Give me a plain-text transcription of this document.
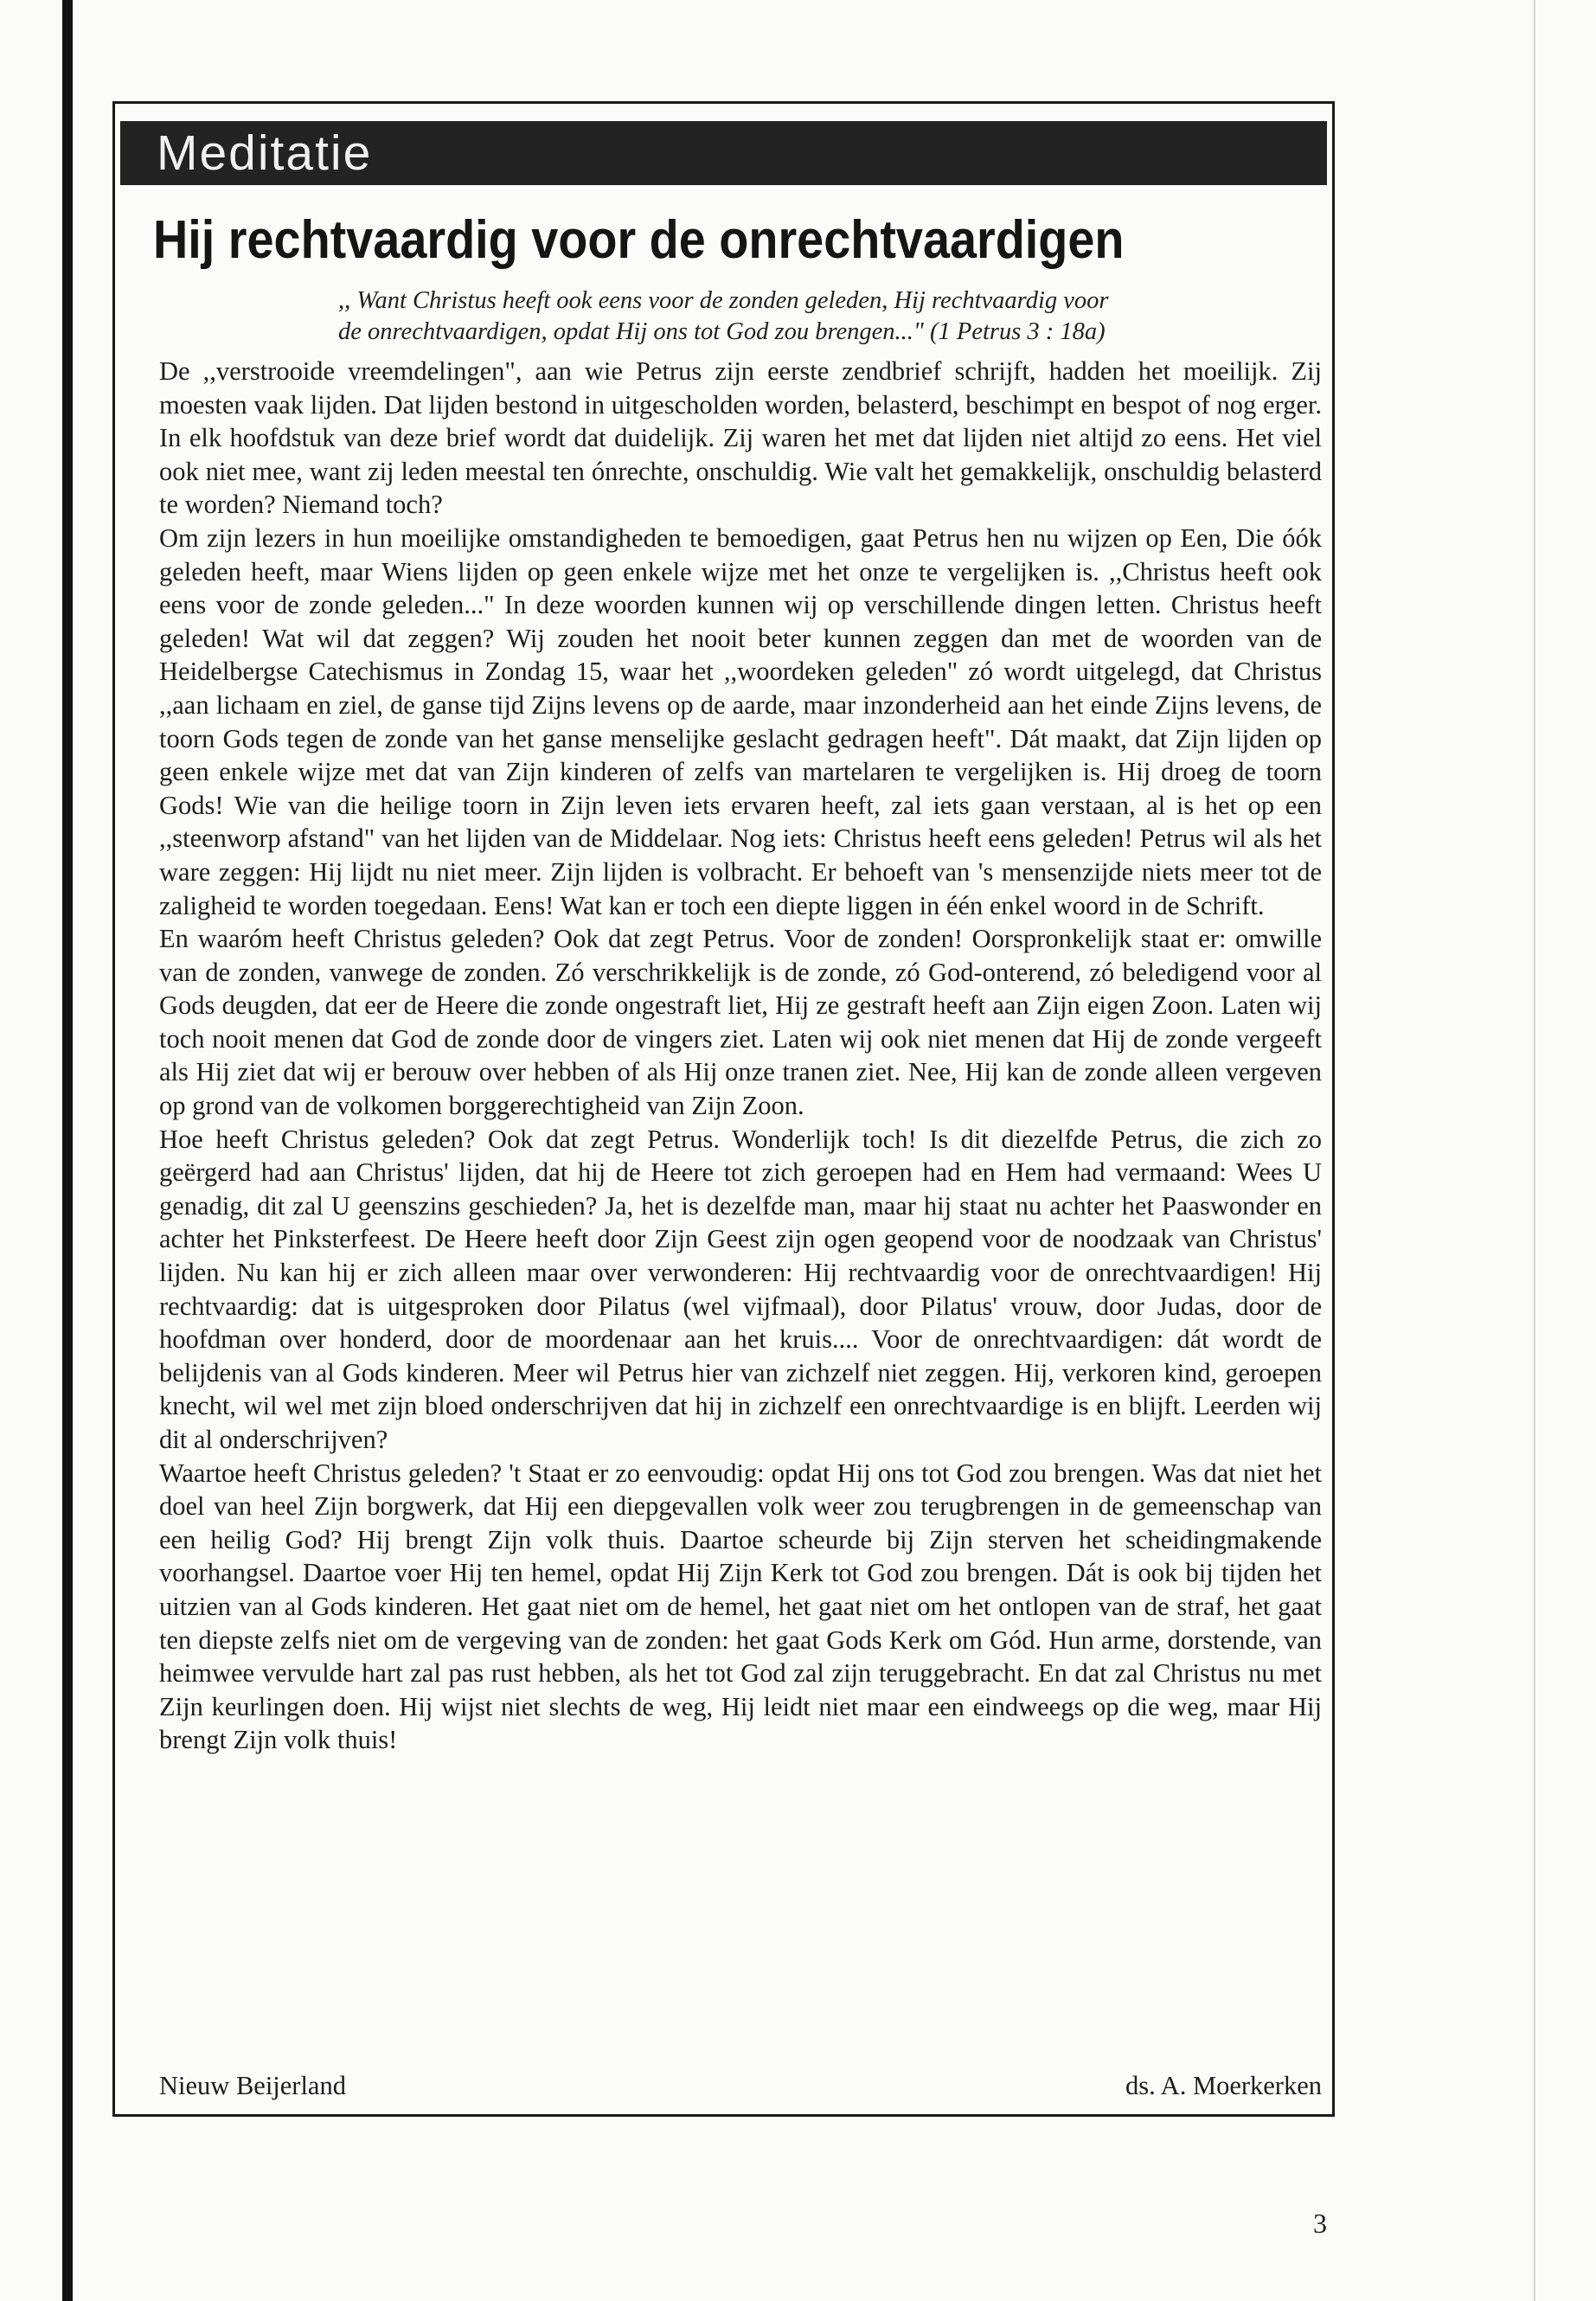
Meditatie
Hij rechtvaardig voor de onrechtvaardigen

,, Want Christus heeft ook eens voor de zonden geleden, Hij rechtvaardig voor

de onrechtvaardigen, opdat Hij ons tot God zou brengen..." (1 Petrus 3 : 18a)

De ,,verstrooide vreemdelingen", aan wie Petrus zijn eerste zendbrief schrijft, hadden het moeilijk. Zij moesten vaak lijden. Dat lijden bestond in uitgescholden worden, belasterd, beschimpt en bespot of nog erger. In elk hoofdstuk van deze brief wordt dat duidelijk. Zij waren het met dat lijden niet altijd zo eens. Het viel ook niet mee, want zij leden meestal ten ónrechte, onschuldig. Wie valt het gemakkelijk, onschuldig belasterd te worden? Niemand toch?

Om zijn lezers in hun moeilijke omstandigheden te bemoedigen, gaat Petrus hen nu wijzen op Een, Die óók geleden heeft, maar Wiens lijden op geen enkele wijze met het onze te vergelijken is. ,,Christus heeft ook eens voor de zonde geleden..." In deze woorden kunnen wij op verschillende dingen letten. Christus heeft geleden! Wat wil dat zeggen? Wij zouden het nooit beter kunnen zeggen dan met de woorden van de Heidelbergse Catechismus in Zondag 15, waar het ,,woordeken geleden" zó wordt uitgelegd, dat Christus ,,aan lichaam en ziel, de ganse tijd Zijns levens op de aarde, maar inzonderheid aan het einde Zijns levens, de toorn Gods tegen de zonde van het ganse menselijke geslacht gedragen heeft". Dát maakt, dat Zijn lijden op geen enkele wijze met dat van Zijn kinderen of zelfs van martelaren te vergelijken is. Hij droeg de toorn Gods! Wie van die heilige toorn in Zijn leven iets ervaren heeft, zal iets gaan verstaan, al is het op een ,,steenworp afstand" van het lijden van de Middelaar. Nog iets: Christus heeft eens geleden! Petrus wil als het ware zeggen: Hij lijdt nu niet meer. Zijn lijden is volbracht. Er behoeft van 's mensenzijde niets meer tot de zaligheid te worden toegedaan. Eens! Wat kan er toch een diepte liggen in één enkel woord in de Schrift.

En waaróm heeft Christus geleden? Ook dat zegt Petrus. Voor de zonden! Oorspronkelijk staat er: omwille van de zonden, vanwege de zonden. Zó verschrikkelijk is de zonde, zó God-onterend, zó beledigend voor al Gods deugden, dat eer de Heere die zonde ongestraft liet, Hij ze gestraft heeft aan Zijn eigen Zoon. Laten wij toch nooit menen dat God de zonde door de vingers ziet. Laten wij ook niet menen dat Hij de zonde vergeeft als Hij ziet dat wij er berouw over hebben of als Hij onze tranen ziet. Nee, Hij kan de zonde alleen vergeven op grond van de volkomen borggerechtigheid van Zijn Zoon.

Hoe heeft Christus geleden? Ook dat zegt Petrus. Wonderlijk toch! Is dit diezelfde Petrus, die zich zo geërgerd had aan Christus' lijden, dat hij de Heere tot zich geroepen had en Hem had vermaand: Wees U genadig, dit zal U geenszins geschieden? Ja, het is dezelfde man, maar hij staat nu achter het Paaswonder en achter het Pinksterfeest. De Heere heeft door Zijn Geest zijn ogen geopend voor de noodzaak van Christus' lijden. Nu kan hij er zich alleen maar over verwonderen: Hij rechtvaardig voor de onrechtvaardigen! Hij rechtvaardig: dat is uitgesproken door Pilatus (wel vijfmaal), door Pilatus' vrouw, door Judas, door de hoofdman over honderd, door de moordenaar aan het kruis.... Voor de onrechtvaardigen: dát wordt de belijdenis van al Gods kinderen. Meer wil Petrus hier van zichzelf niet zeggen. Hij, verkoren kind, geroepen knecht, wil wel met zijn bloed onderschrijven dat hij in zichzelf een onrechtvaardige is en blijft. Leerden wij dit al onderschrijven?

Waartoe heeft Christus geleden? 't Staat er zo eenvoudig: opdat Hij ons tot God zou brengen. Was dat niet het doel van heel Zijn borgwerk, dat Hij een diepgevallen volk weer zou terugbrengen in de gemeenschap van een heilig God? Hij brengt Zijn volk thuis. Daartoe scheurde bij Zijn sterven het scheidingmakende voorhangsel. Daartoe voer Hij ten hemel, opdat Hij Zijn Kerk tot God zou brengen. Dát is ook bij tijden het uitzien van al Gods kinderen. Het gaat niet om de hemel, het gaat niet om het ontlopen van de straf, het gaat ten diepste zelfs niet om de vergeving van de zonden: het gaat Gods Kerk om Gód. Hun arme, dorstende, van heimwee vervulde hart zal pas rust hebben, als het tot God zal zijn teruggebracht. En dat zal Christus nu met Zijn keurlingen doen. Hij wijst niet slechts de weg, Hij leidt niet maar een eindweegs op die weg, maar Hij brengt Zijn volk thuis!

Nieuw Beijerland	ds. A. Moerkerken
3
